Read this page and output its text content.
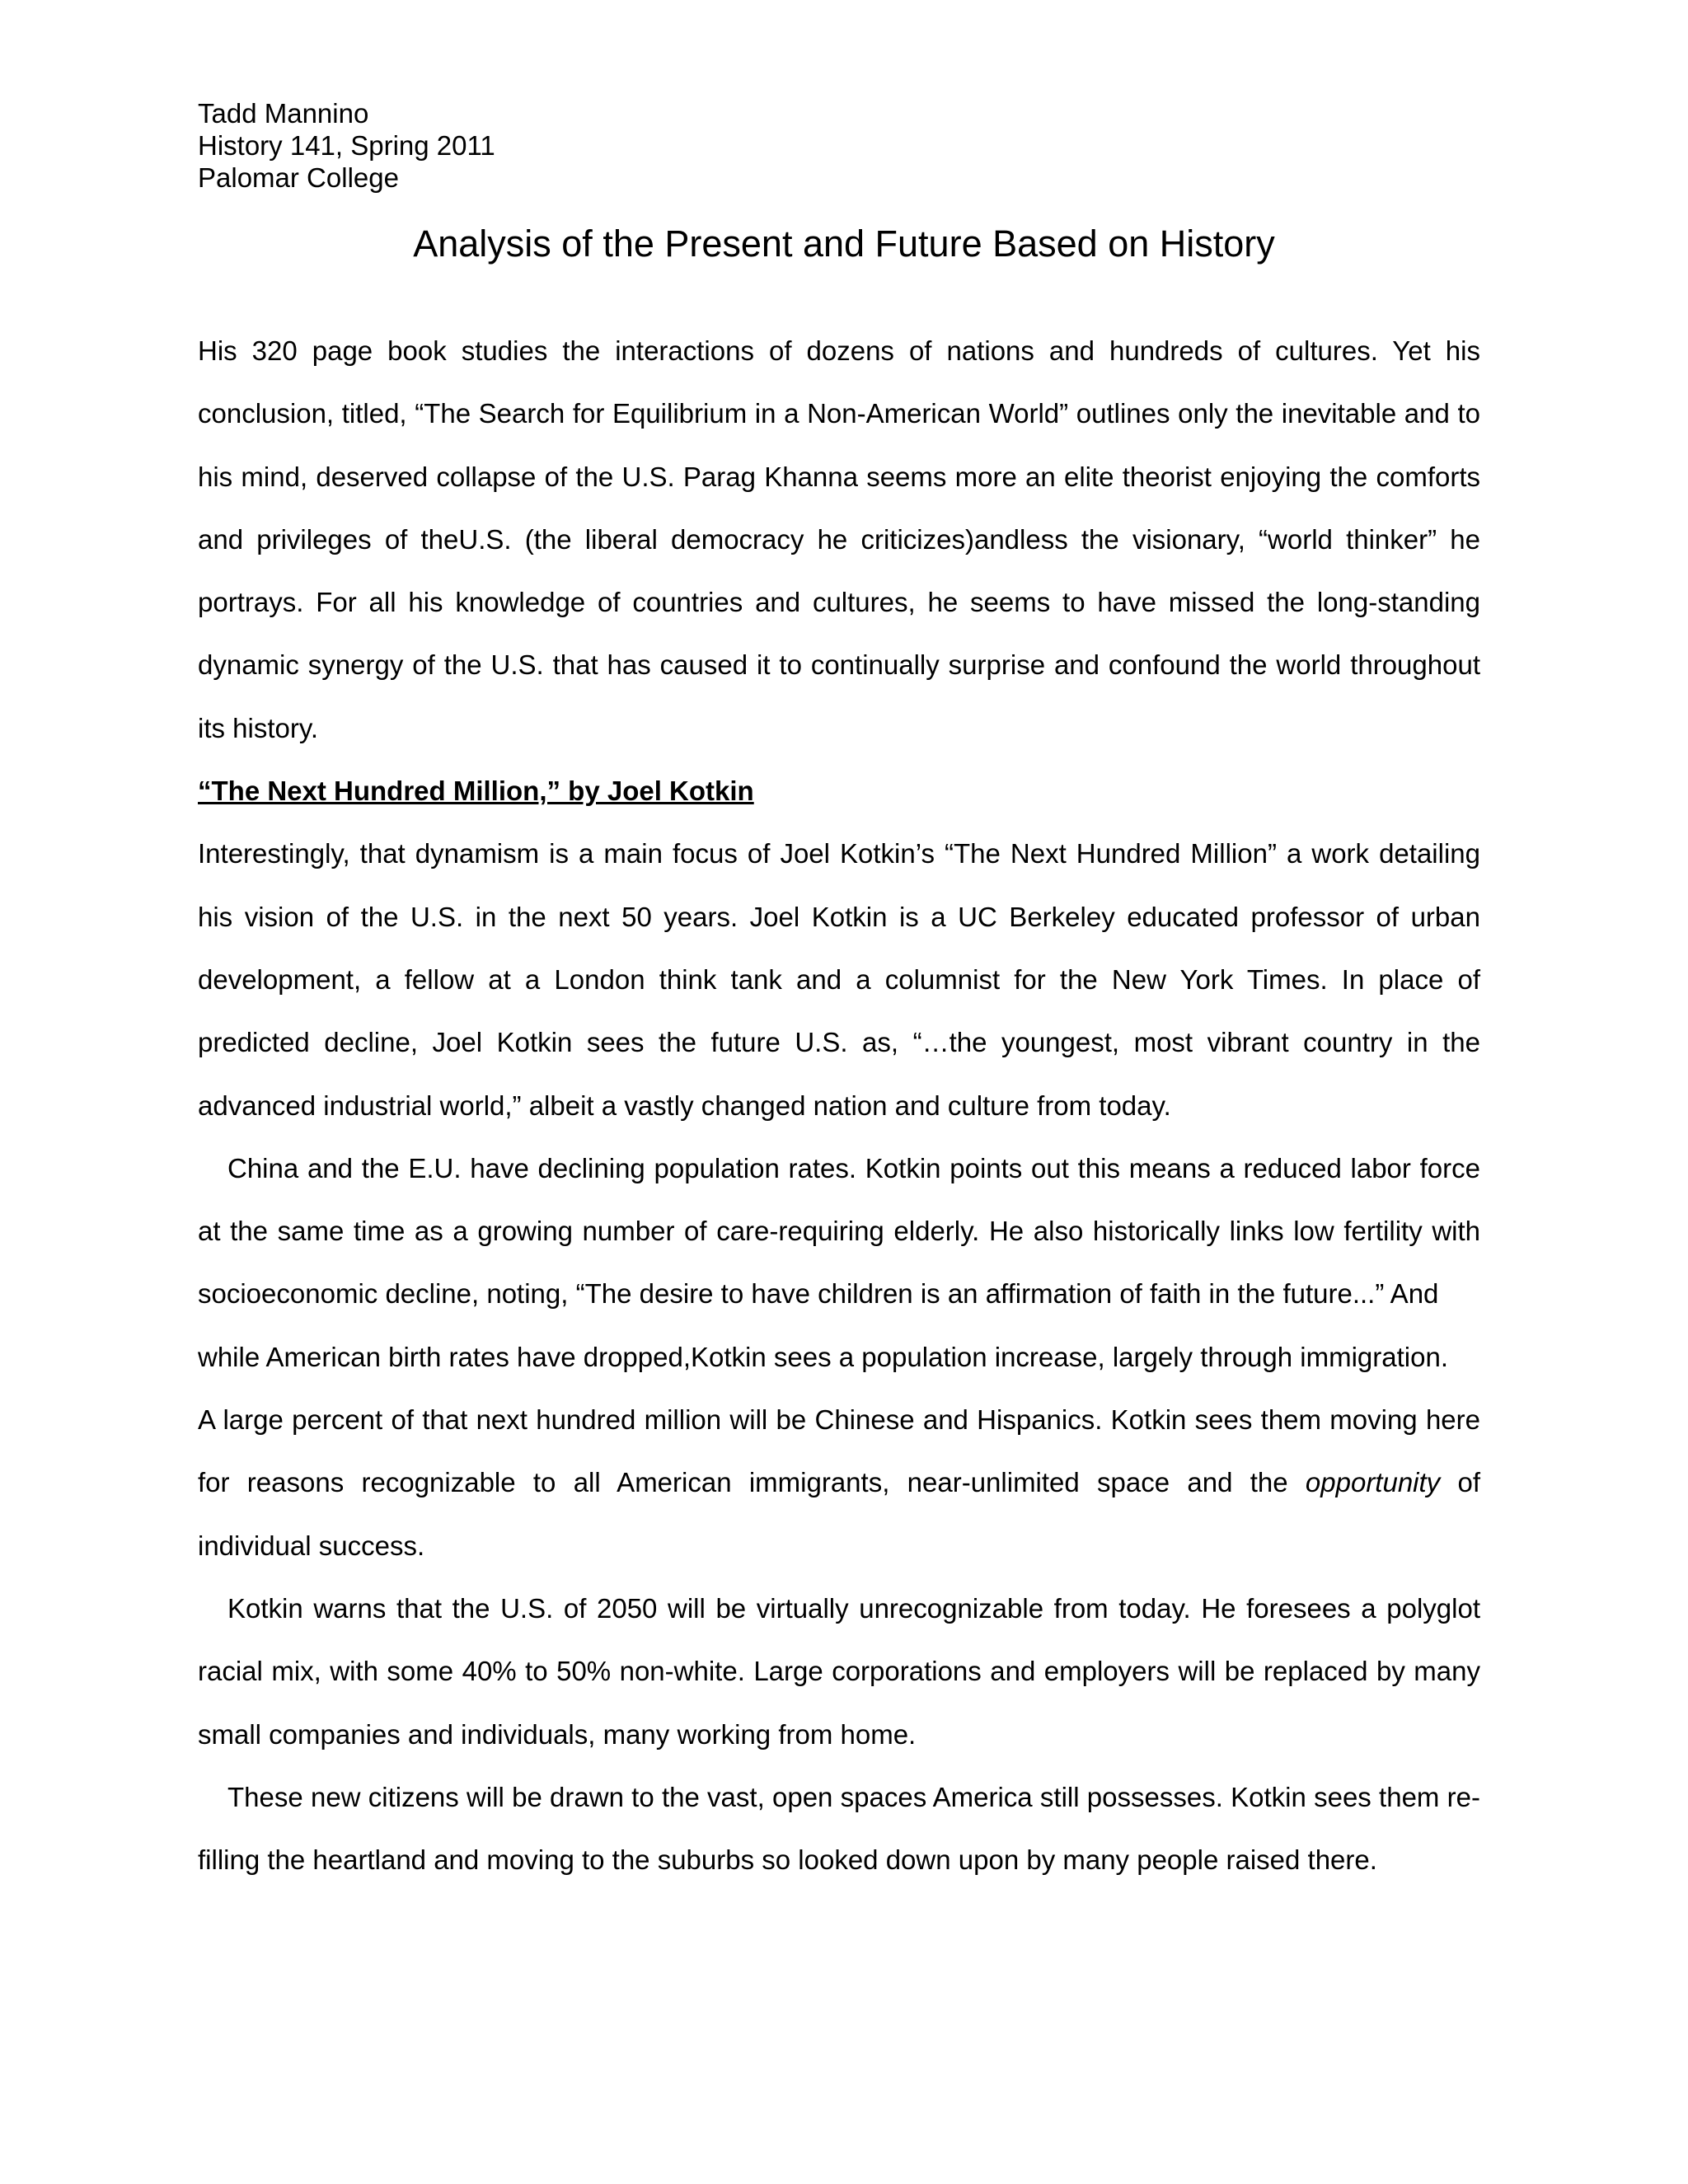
Tadd Mannino
History 141, Spring 2011
Palomar College
Analysis of the Present and Future Based on History

His 320 page book studies the interactions of dozens of nations and hundreds of cultures. Yet his conclusion, titled, “The Search for Equilibrium in a Non-American World” outlines only the inevitable and to his mind, deserved collapse of the U.S. Parag Khanna seems more an elite theorist enjoying the comforts and privileges of theU.S. (the liberal democracy he criticizes)andless the visionary, “world thinker” he portrays. For all his knowledge of countries and cultures, he seems to have missed the long-standing dynamic synergy of the U.S. that has caused it to continually surprise and confound the world throughout its history.

“The Next Hundred Million,” by Joel Kotkin

Interestingly, that dynamism is a main focus of Joel Kotkin’s “The Next Hundred Million” a work detailing his vision of the U.S. in the next 50 years. Joel Kotkin is a UC Berkeley educated professor of urban development, a fellow at a London think tank and a columnist for the New York Times. In place of predicted decline, Joel Kotkin sees the future U.S. as, “…the youngest, most vibrant country in the advanced industrial world,” albeit a vastly changed nation and culture from today.

China and the E.U. have declining population rates. Kotkin points out this means a reduced labor force at the same time as a growing number of care-requiring elderly. He also historically links low fertility with socioeconomic decline, noting, “The desire to have children is an affirmation of faith in the future...” And

while American birth rates have dropped,Kotkin sees a population increase, largely through immigration.

A large percent of that next hundred million will be Chinese and Hispanics. Kotkin sees them moving here for reasons recognizable to all American immigrants, near-unlimited space and the opportunity of individual success.

Kotkin warns that the U.S. of 2050 will be virtually unrecognizable from today. He foresees a polyglot racial mix, with some 40% to 50% non-white. Large corporations and employers will be replaced by many small companies and individuals, many working from home.

These new citizens will be drawn to the vast, open spaces America still possesses. Kotkin sees them re-filling the heartland and moving to the suburbs so looked down upon by many people raised there.
